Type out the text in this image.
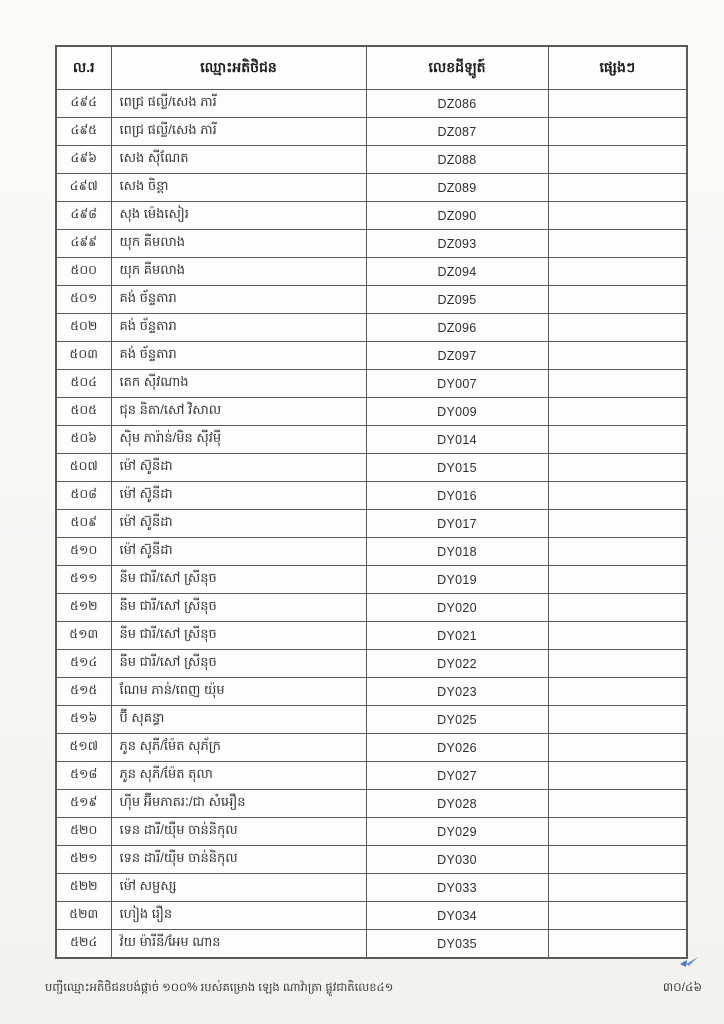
ល.រ	ឈ្មោះអតិថិជន	លេខដីឡូត៍	ផ្សេងៗ
៤៩៤	ពេជ្រ ផល្លី/សេង ភារី	DZ086	
៤៩៥	ពេជ្រ ផល្លី/សេង ភារី	DZ087	
៤៩៦	សេង ស៊ីណែត	DZ088	
៤៩៧	សេង ចិន្តា	DZ089	
៤៩៨	សុង ម៉េងសៀរ	DZ090	
៤៩៩	យុក គីមលាង	DZ093	
៥០០	យុក គីមលាង	DZ094	
៥០១	គង់ ច័ន្ទតារា	DZ095	
៥០២	គង់ ច័ន្ទតារា	DZ096	
៥០៣	គង់ ច័ន្ទតារា	DZ097	
៥០៤	តេក ស៊ីវណាង	DY007	
៥០៥	ជុន និតា/សៅ វិសាល	DY009	
៥០៦	ស៊ិម ភារ៉ាន់/មិន ស៊ីវម៉ី	DY014	
៥០៧	ម៉ៅ ស៊ូនីដា	DY015	
៥០៨	ម៉ៅ ស៊ូនីដា	DY016	
៥០៩	ម៉ៅ ស៊ូនីដា	DY017	
៥១០	ម៉ៅ ស៊ូនីដា	DY018	
៥១១	នីម ជារី/សៅ ស្រីនុច	DY019	
៥១២	នីម ជារី/សៅ ស្រីនុច	DY020	
៥១៣	នីម ជារី/សៅ ស្រីនុច	DY021	
៥១៤	នីម ជារី/សៅ ស្រីនុច	DY022	
៥១៥	ណែម ភាន់/ពេញ យ៉ុម	DY023	
៥១៦	ប៊ី សុគន្ធា	DY025	
៥១៧	ភូន សុភី/ម៉ែត សុភ័ក្រ	DY026	
៥១៨	ភូន សុភី/ម៉ែត តុលា	DY027	
៥១៩	ហ៊ីម អ៊ីមភាតរៈ/ជា សំអឿន	DY028	
៥២០	ទេន ដារី/យ៉ឺម ចាន់និកុល	DY029	
៥២១	ទេន ដារី/យ៉ឺម ចាន់និកុល	DY030	
៥២២	ម៉ៅ សម្ផស្ស	DY033	
៥២៣	ហៀង រឿន	DY034	
៥២៤	វ៉យ ម៉ារីនី/អែម ណាន	DY035	
បញ្ជីឈ្មោះអតិថិជនបង់ផ្តាច់ ១០០% របស់គម្រោង ឡេង ណាវ៉ាត្រា ផ្លូវជាតិលេខ៤១	៣០/៤៦
